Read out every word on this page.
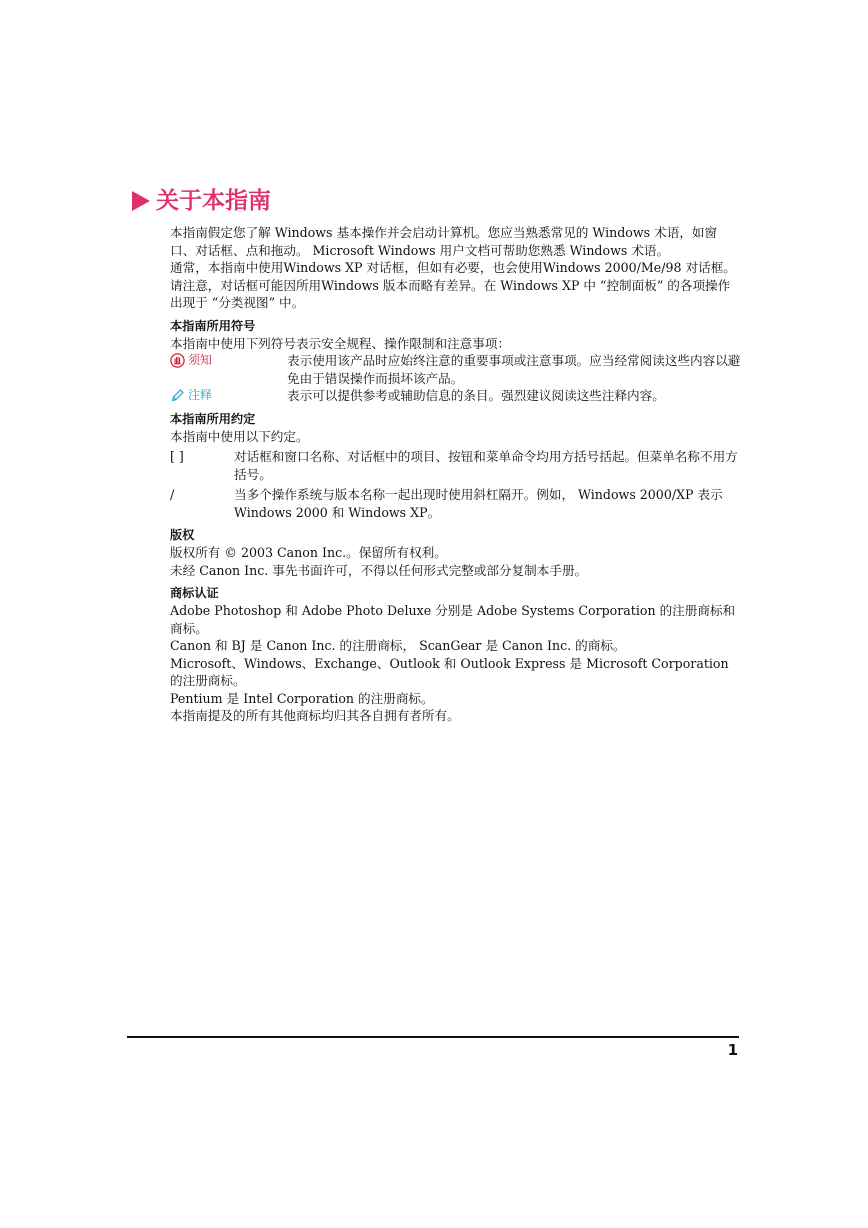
关于本指南

本指南假定您了解 Windows 基本操作并会启动计算机。您应当熟悉常见的 Windows 术语，如窗口、对话框、点和拖动。 Microsoft Windows 用户文档可帮助您熟悉 Windows 术语。

通常，本指南中使用Windows XP 对话框，但如有必要，也会使用Windows 2000/Me/98 对话框。

请注意，对话框可能因所用Windows 版本而略有差异。在 Windows XP 中 “控制面板” 的各项操作出现于 “分类视图” 中。

本指南所用符号

本指南中使用下列符号表示安全规程、操作限制和注意事项：

须知	表示使用该产品时应始终注意的重要事项或注意事项。应当经常阅读这些内容以避免由于错误操作而损坏该产品。
注释	表示可以提供参考或辅助信息的条目。强烈建议阅读这些注释内容。

本指南所用约定

本指南中使用以下约定。

[ ]	对话框和窗口名称、对话框中的项目、按钮和菜单命令均用方括号括起。但菜单名称不用方括号。
/	当多个操作系统与版本名称一起出现时使用斜杠隔开。例如， Windows 2000/XP 表示 Windows 2000 和 Windows XP。

版权

版权所有 © 2003 Canon Inc.。保留所有权利。

未经 Canon Inc. 事先书面许可，不得以任何形式完整或部分复制本手册。

商标认证

Adobe Photoshop 和 Adobe Photo Deluxe 分别是 Adobe Systems Corporation 的注册商标和商标。

Canon 和 BJ 是 Canon Inc. 的注册商标， ScanGear 是 Canon Inc. 的商标。

Microsoft、Windows、Exchange、Outlook 和 Outlook Express 是 Microsoft Corporation 的注册商标。

Pentium 是 Intel Corporation 的注册商标。

本指南提及的所有其他商标均归其各自拥有者所有。

1
